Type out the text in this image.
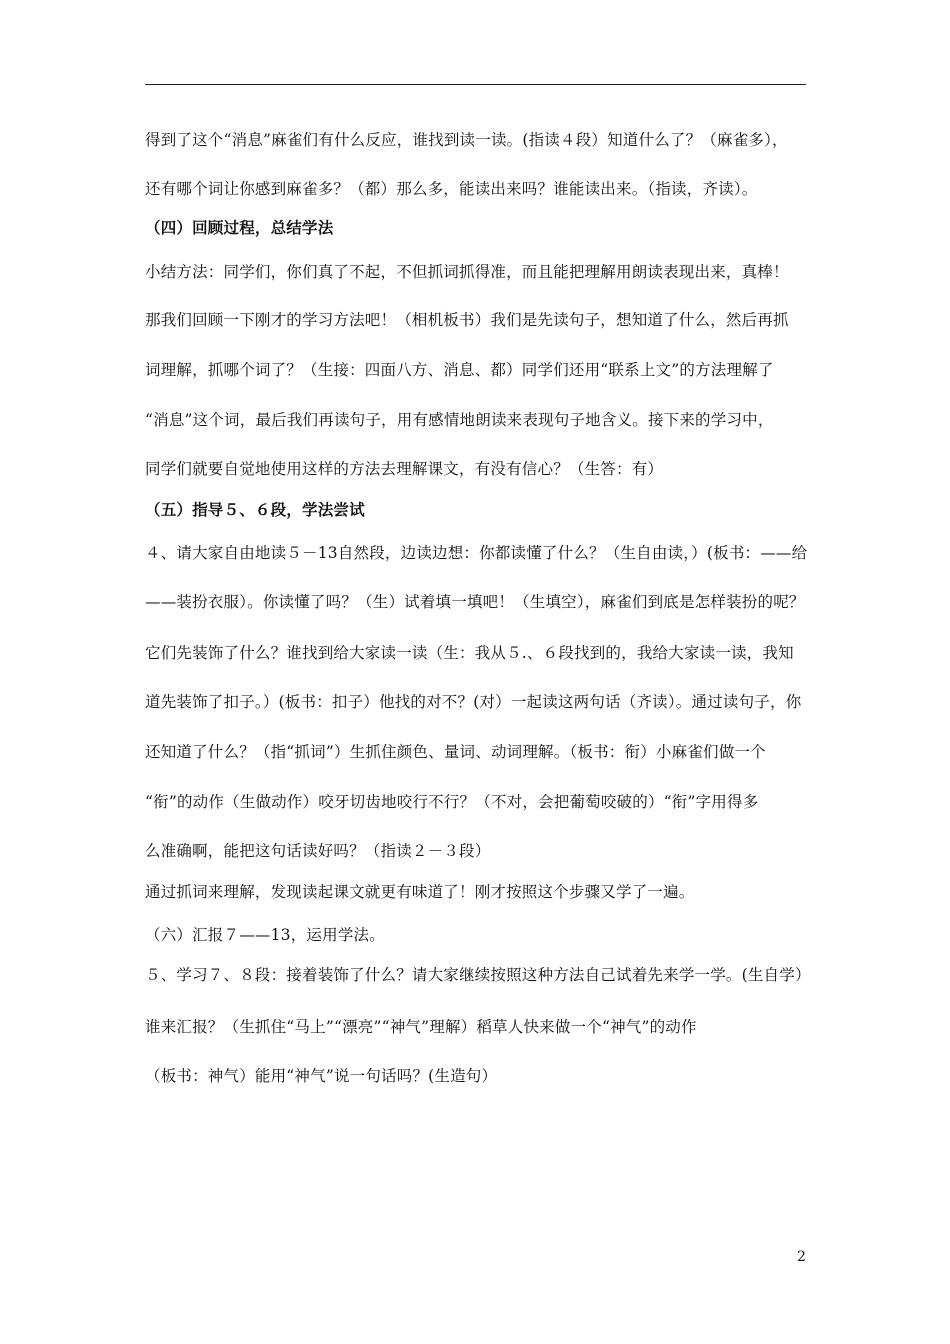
得到了这个“消息”麻雀们有什么反应，谁找到读一读。(指读４段）知道什么了？（麻雀多），
还有哪个词让你感到麻雀多？（都）那么多，能读出来吗？谁能读出来。（指读，齐读）。
（四）回顾过程，总结学法
小结方法：同学们，你们真了不起，不但抓词抓得准，而且能把理解用朗读表现出来，真棒！
那我们回顾一下刚才的学习方法吧！（相机板书）我们是先读句子，想知道了什么，然后再抓
词理解，抓哪个词了？（生接：四面八方、消息、都）同学们还用“联系上文”的方法理解了
“消息”这个词，最后我们再读句子，用有感情地朗读来表现句子地含义。接下来的学习中，
同学们就要自觉地使用这样的方法去理解课文，有没有信心？（生答：有）
（五）指导５、６段，学法尝试
４、请大家自由地读５－13自然段，边读边想：你都读懂了什么？（生自由读，）(板书：——给
——装扮衣服）。你读懂了吗？（生）试着填一填吧！（生填空），麻雀们到底是怎样装扮的呢？
它们先装饰了什么？谁找到给大家读一读（生：我从５.、６段找到的，我给大家读一读，我知
道先装饰了扣子。）(板书：扣子）他找的对不？(对）一起读这两句话（齐读）。通过读句子，你
还知道了什么？（指“抓词”）生抓住颜色、量词、动词理解。（板书：衔）小麻雀们做一个
“衔”的动作（生做动作）咬牙切齿地咬行不行？（不对，会把葡萄咬破的）“衔”字用得多
么准确啊，能把这句话读好吗？（指读２－３段）
通过抓词来理解，发现读起课文就更有味道了！刚才按照这个步骤又学了一遍。
（六）汇报７——13，运用学法。
５、学习７、８段：接着装饰了什么？请大家继续按照这种方法自己试着先来学一学。(生自学）
谁来汇报？（生抓住“马上”“漂亮”“神气”理解）稻草人快来做一个“神气”的动作
（板书：神气）能用“神气”说一句话吗？(生造句）
2
